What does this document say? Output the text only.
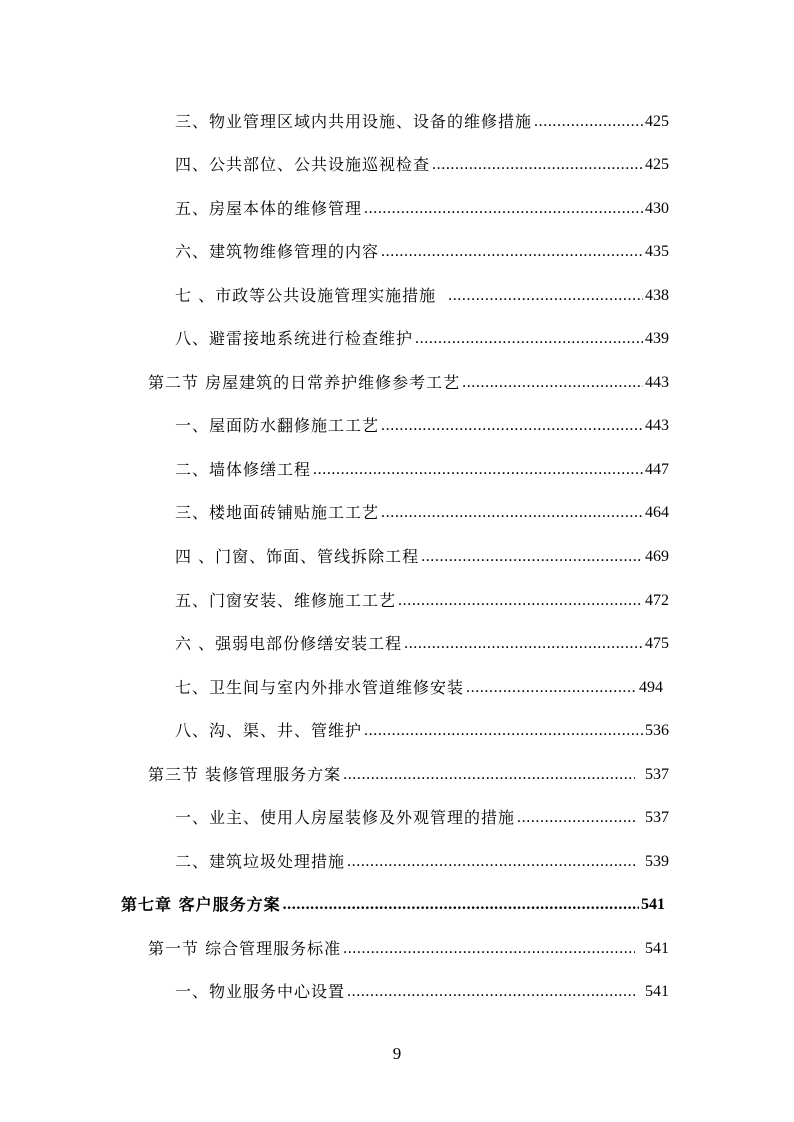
三、物业管理区域内共用设施、设备的维修措施 .....	425
四、公共部位、公共设施巡视检查 .....	425
五、房屋本体的维修管理 .....	430
六、建筑物维修管理的内容 .....	435
七 、市政等公共设施管理实施措施 .....	438
八、避雷接地系统进行检查维护 .....	439
第二节 房屋建筑的日常养护维修参考工艺 .....	443
一、屋面防水翻修施工工艺 .....	443
二、墙体修缮工程 .....	447
三、楼地面砖铺贴施工工艺 .....	464
四 、门窗、饰面、管线拆除工程 .....	469
五、门窗安装、维修施工工艺 .....	472
六 、强弱电部份修缮安装工程 .....	475
七、卫生间与室内外排水管道维修安装 .....	494
八、沟、渠、井、管维护 .....	536
第三节 装修管理服务方案 .....	537
一、业主、使用人房屋装修及外观管理的措施 .....	537
二、建筑垃圾处理措施 .....	539
第七章 客户服务方案 .....	541
第一节 综合管理服务标准 .....	541
一、物业服务中心设置 .....	541
9
